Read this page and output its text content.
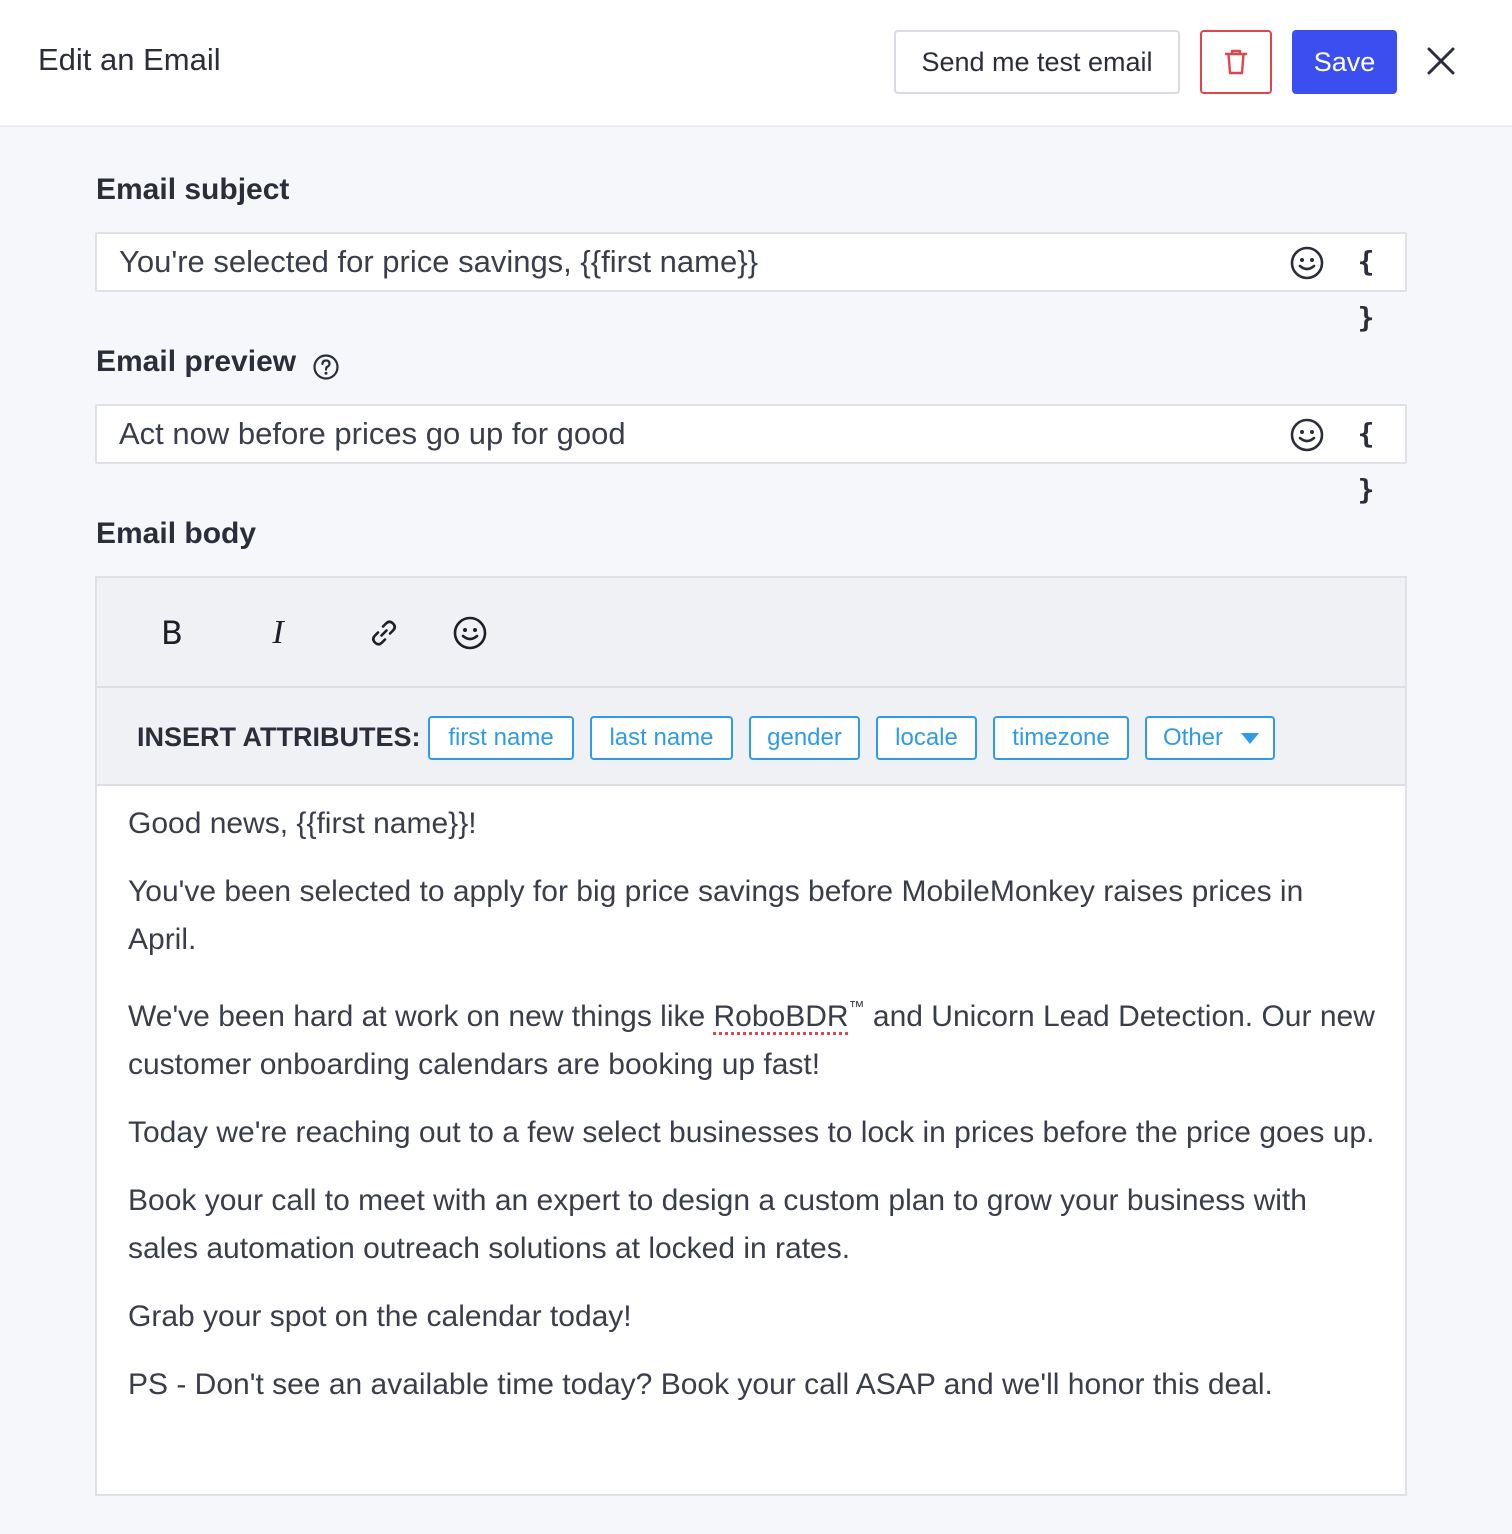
Edit an Email	Send me test email	Save
Email subject
You're selected for price savings, {{first name}}	{ }
Email preview
Act now before prices go up for good	{ }
Email body
B	I
INSERT ATTRIBUTES:	first name	last name	gender	locale	timezone	Other

Good news, {{first name}}!

You've been selected to apply for big price savings before MobileMonkey raises prices in April.

We've been hard at work on new things like RoboBDR™ and Unicorn Lead Detection. Our new customer onboarding calendars are booking up fast!

Today we're reaching out to a few select businesses to lock in prices before the price goes up.

Book your call to meet with an expert to design a custom plan to grow your business with sales automation outreach solutions at locked in rates.

Grab your spot on the calendar today!

PS - Don't see an available time today? Book your call ASAP and we'll honor this deal.
